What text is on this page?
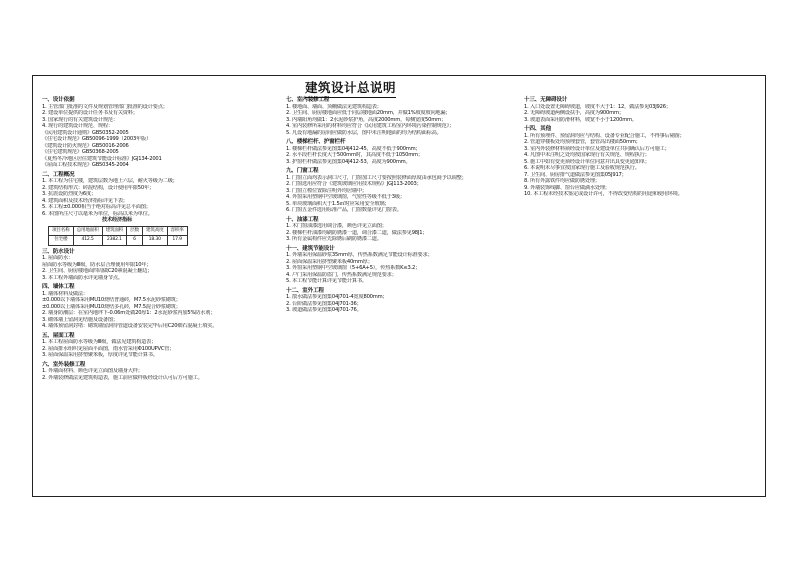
建筑设计总说明
一、设计依据
1. 主管部门批准的文件及规划管理部门批准的设计要点；
2. 建设单位提供的设计任务书及有关资料；
3. 国家现行的有关建筑设计规范：
4. 现行的建筑设计规范、规程：
《民用建筑设计通则》GB50352-2005
《住宅设计规范》GB50096-1999（2003年版）
《建筑设计防火规范》GB50016-2006
《住宅建筑规范》GB50368-2005
《夏热冬冷地区居住建筑节能设计标准》JGJ134-2001
《屋面工程技术规范》GB50345-2004
二、工程概况
1. 本工程为住宅楼，建筑层数为地上六层，耐火等级为二级；
2. 建筑结构形式：砖混结构，设计使用年限50年；
3. 抗震设防烈度为6度；
4. 建筑面积及技术经济指标详见下表；
5. 本工程±0.000相当于绝对标高详见总平面图；
6. 本图所注尺寸以毫米为单位，标高以米为单位。
技术经济指标
项目名称	总用地面积	建筑面积	层数	建筑高度	容积率
住宅楼	412.5	2382.1	6	18.30	17.9
三、防水设计
1. 屋面防水：
屋面防水等级为Ⅲ级，防水层合理使用年限10年；
2. 卫生间、厨房楼地面四周做C20素混凝土翻边；
3. 本工程外墙面防水详见墙身节点。
四、墙体工程
1. 墙体材料及做法：
±0.000以下墙体采用MU10烧结普通砖，M7.5水泥砂浆砌筑；
±0.000以上墙体采用MU10烧结多孔砖，M7.5混合砂浆砌筑；
2. 墙身防潮层：在室内地坪下-0.06m处做20厚1：2水泥砂浆内加5%防水剂；
3. 砌体墙上留洞见结施及设备图；
4. 墙体预留洞封堵：砌筑墙留洞待管道设备安装完毕后用C20细石混凝土填实。
五、屋面工程
1. 本工程屋面防水等级为Ⅲ级，做法见建筑构造表；
2. 屋面排水组织见屋面平面图，雨水管采用Φ100UPVC管；
3. 屋面保温采用挤塑聚苯板，厚度详见节能计算书。
六、室外装修工程
1. 外墙面材料、颜色详见立面图及墙身大样；
2. 外墙装修做法见建筑构造表，施工前应做样板经设计认可后方可施工。
七、室内装修工程
1. 楼地面、墙面、顶棚做法见建筑构造表；
2. 卫生间、厨房楼地面应低于同层楼地面20mm，并做1%坡度坡向地漏；
3. 内墙阳角均做1：2水泥砂浆护角，高度2000mm，每侧宽度50mm；
4. 室内装修所采用的材料均应符合《民用建筑工程室内环境污染控制规范》；
5. 凡设有地漏的房间应做防水层，图中未注明地面的均为结构面标高。
八、楼梯栏杆、护窗栏杆
1. 楼梯栏杆做法参见图集04J412-45，高度不低于900mm；
2. 水平段栏杆长度大于500mm时，其高度不低于1050mm；
3. 护窗栏杆做法参见图集04J412-53，高度为900mm。
九、门窗工程
1. 门窗立面均表示洞口尺寸，门窗加工尺寸要按照装修面厚度由承包商予以调整；
2. 门窗选用应符合《建筑玻璃应用技术规程》JGJ113-2003；
3. 门窗立樘位置除注明外均居墙中；
4. 外窗采用塑钢中空玻璃窗，气密性等级不低于3级；
5. 单块玻璃面积大于1.5㎡时应采用安全玻璃；
6. 门窗五金件选用标准产品，门窗数量详见门窗表。
十、油漆工程
1. 木门窗油漆选用调合漆，颜色详见立面图；
2. 楼梯栏杆油漆均刷防锈漆一道，调合漆二道，做法参见98J1；
3. 所有金属构件应先除锈后刷防锈漆二道。
十一、建筑节能设计
1. 外墙采用保温砂浆35mm厚，传热系数满足节能设计标准要求；
2. 屋面保温采用挤塑聚苯板40mm厚；
3. 外窗采用塑钢中空玻璃窗（5+6A+5），传热系数K≤3.2；
4. 户门采用保温防盗门，传热系数满足规范要求；
5. 本工程节能计算详见节能计算书。
十二、室外工程
1. 散水做法参见图集04J701-4宽度800mm；
2. 台阶做法参见图集04J701-36；
3. 坡道做法参见图集04J701-76。
十三、无障碍设计
1. 入口处设置无障碍坡道，坡度不大于1：12，做法参见03J926；
2. 无障碍坡道两侧设扶手，高度为900mm；
3. 坡道表面采用防滑材料，坡宽不小于1200mm。
十四、其他
1. 所有预埋件、预留洞均应与结构、设备专业配合施工，不得事后剔凿；
2. 管道穿楼板处均预埋套管，套管高出楼面50mm；
3. 室内外装修材料须经设计单位及建设单位共同确认后方可施工；
4. 凡图中未注明之处均按国家现行有关规范、规程执行；
5. 施工中如有变更须经设计单位同意并出具变更通知单；
6. 本说明未尽事宜按国家现行施工及验收规范执行。
7. 卫生间、厨房排气道做法参见图集05J917；
8. 所有外露铁件均应做防锈处理；
9. 外墙装饰线脚、窗台应做滴水处理；
10. 本工程未经技术鉴定或设计许可，不得改变结构的用途和使用环境。
